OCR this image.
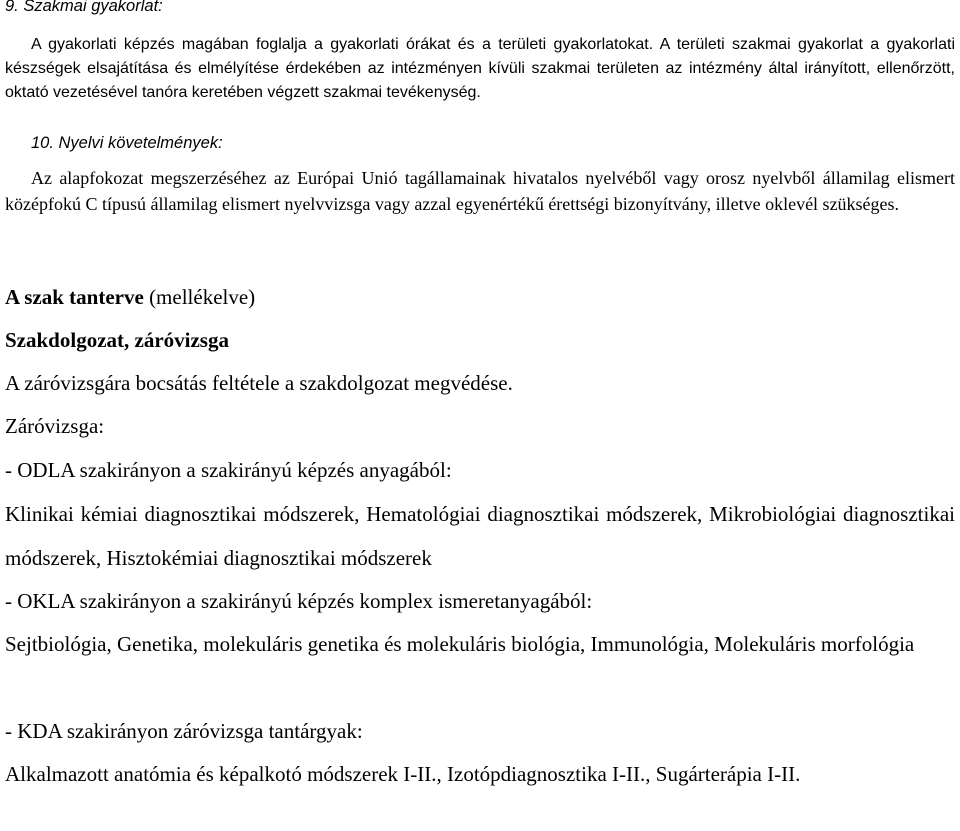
9. Szakmai gyakorlat:

A gyakorlati képzés magában foglalja a gyakorlati órákat és a területi gyakorlatokat. A területi szakmai gyakorlat a gyakorlati készségek elsajátítása és elmélyítése érdekében az intézményen kívüli szakmai területen az intézmény által irányított, ellenőrzött, oktató vezetésével tanóra keretében végzett szakmai tevékenység.

10. Nyelvi követelmények:

Az alapfokozat megszerzéséhez az Európai Unió tagállamainak hivatalos nyelvéből vagy orosz nyelvből államilag elismert középfokú C típusú államilag elismert nyelvvizsga vagy azzal egyenértékű érettségi bizonyítvány, illetve oklevél szükséges.

A szak tanterve (mellékelve)
Szakdolgozat, záróvizsga
A záróvizsgára bocsátás feltétele a szakdolgozat megvédése.
Záróvizsga:
- ODLA szakirányon a szakirányú képzés anyagából:

Klinikai kémiai diagnosztikai módszerek, Hematológiai diagnosztikai módszerek, Mikrobiológiai diagnosztikai módszerek, Hisztokémiai diagnosztikai módszerek

- OKLA szakirányon a szakirányú képzés komplex ismeretanyagából:

Sejtbiológia, Genetika, molekuláris genetika és molekuláris biológia, Immunológia, Molekuláris morfológia

- KDA szakirányon záróvizsga tantárgyak:

Alkalmazott anatómia és képalkotó módszerek I-II., Izotópdiagnosztika I-II., Sugárterápia I-II.
